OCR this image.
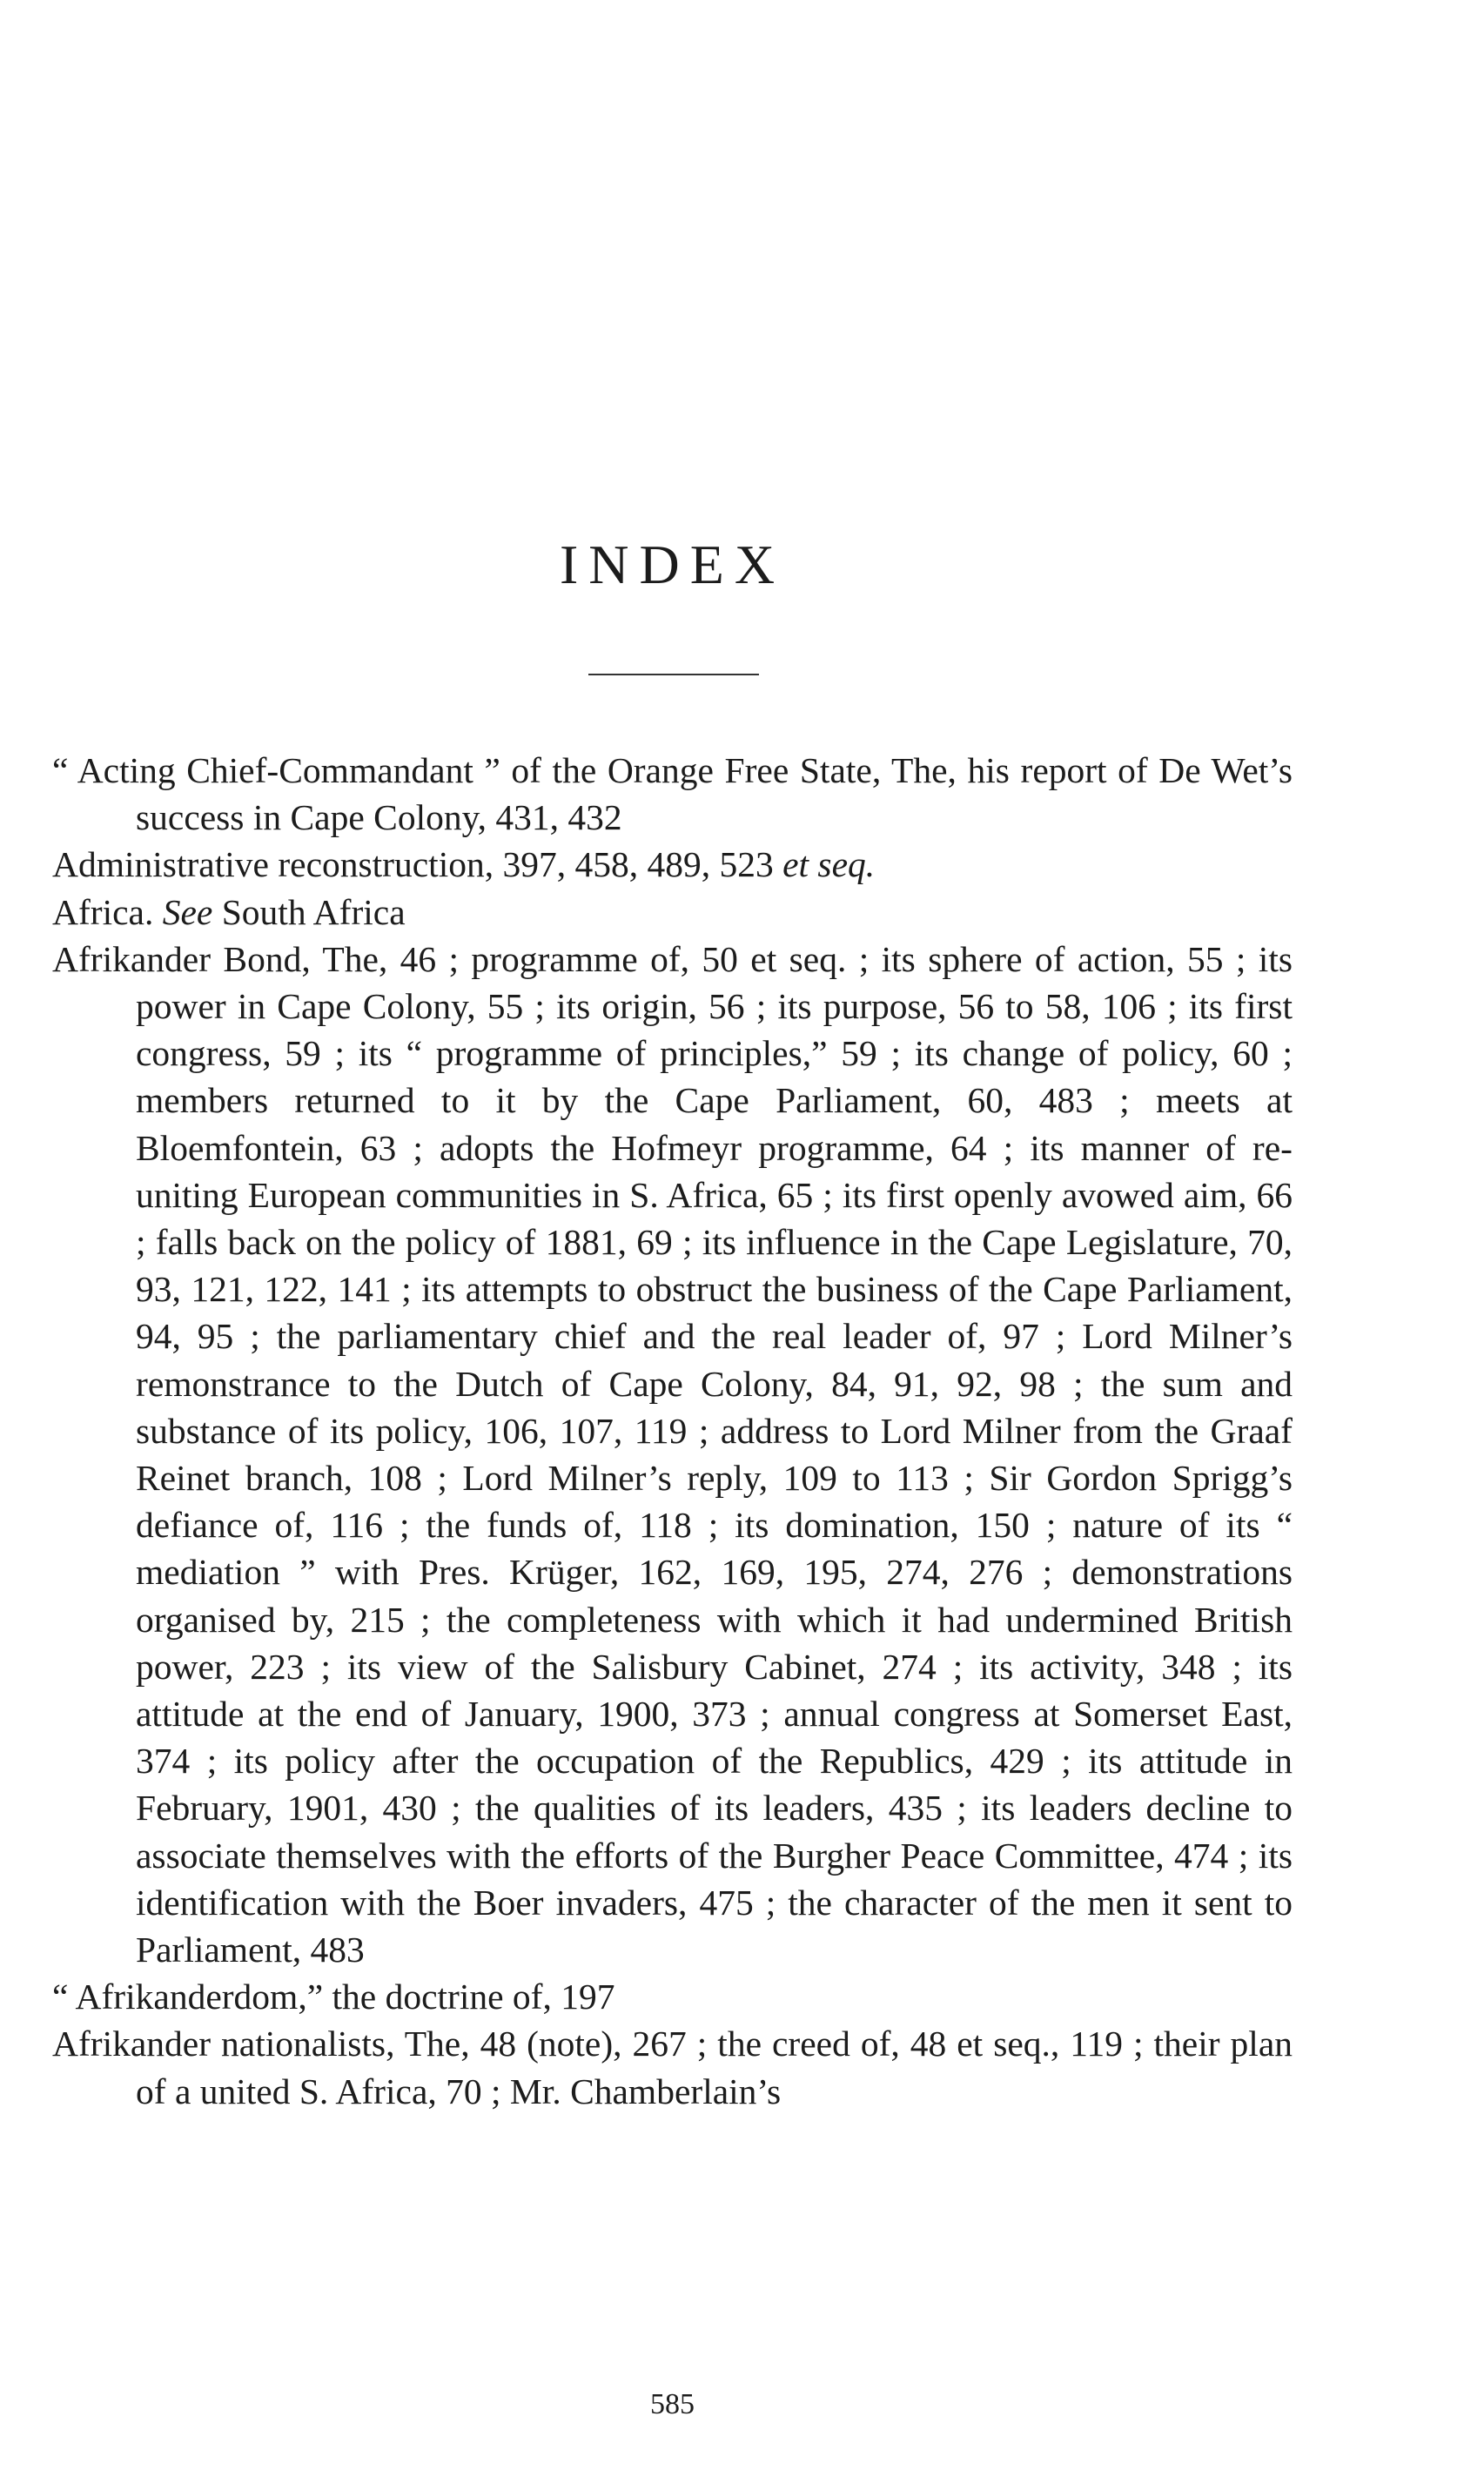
INDEX

“ Acting Chief-Commandant ” of the Orange Free State, The, his report of De Wet’s success in Cape Colony, 431, 432

Administrative reconstruction, 397, 458, 489, 523 et seq.

Africa. See South Africa

Afrikander Bond, The, 46 ; programme of, 50 et seq. ; its sphere of action, 55 ; its power in Cape Colony, 55 ; its origin, 56 ; its purpose, 56 to 58, 106 ; its first congress, 59 ; its “ programme of principles,” 59 ; its change of policy, 60 ; members returned to it by the Cape Parliament, 60, 483 ; meets at Bloemfontein, 63 ; adopts the Hofmeyr programme, 64 ; its manner of re-uniting European communities in S. Africa, 65 ; its first openly avowed aim, 66 ; falls back on the policy of 1881, 69 ; its influence in the Cape Legislature, 70, 93, 121, 122, 141 ; its attempts to obstruct the business of the Cape Parliament, 94, 95 ; the parliamentary chief and the real leader of, 97 ; Lord Milner’s remonstrance to the Dutch of Cape Colony, 84, 91, 92, 98 ; the sum and substance of its policy, 106, 107, 119 ; address to Lord Milner from the Graaf Reinet branch, 108 ; Lord Milner’s reply, 109 to 113 ; Sir Gordon Sprigg’s defiance of, 116 ; the funds of, 118 ; its domination, 150 ; nature of its “ mediation ” with Pres. Krüger, 162, 169, 195, 274, 276 ; demonstrations organised by, 215 ; the completeness with which it had undermined British power, 223 ; its view of the Salisbury Cabinet, 274 ; its activity, 348 ; its attitude at the end of January, 1900, 373 ; annual congress at Somerset East, 374 ; its policy after the occupation of the Republics, 429 ; its attitude in February, 1901, 430 ; the qualities of its leaders, 435 ; its leaders decline to associate themselves with the efforts of the Burgher Peace Committee, 474 ; its identification with the Boer invaders, 475 ; the character of the men it sent to Parliament, 483

“ Afrikanderdom,” the doctrine of, 197

Afrikander nationalists, The, 48 (note), 267 ; the creed of, 48 et seq., 119 ; their plan of a united S. Africa, 70 ; Mr. Chamberlain’s

585
